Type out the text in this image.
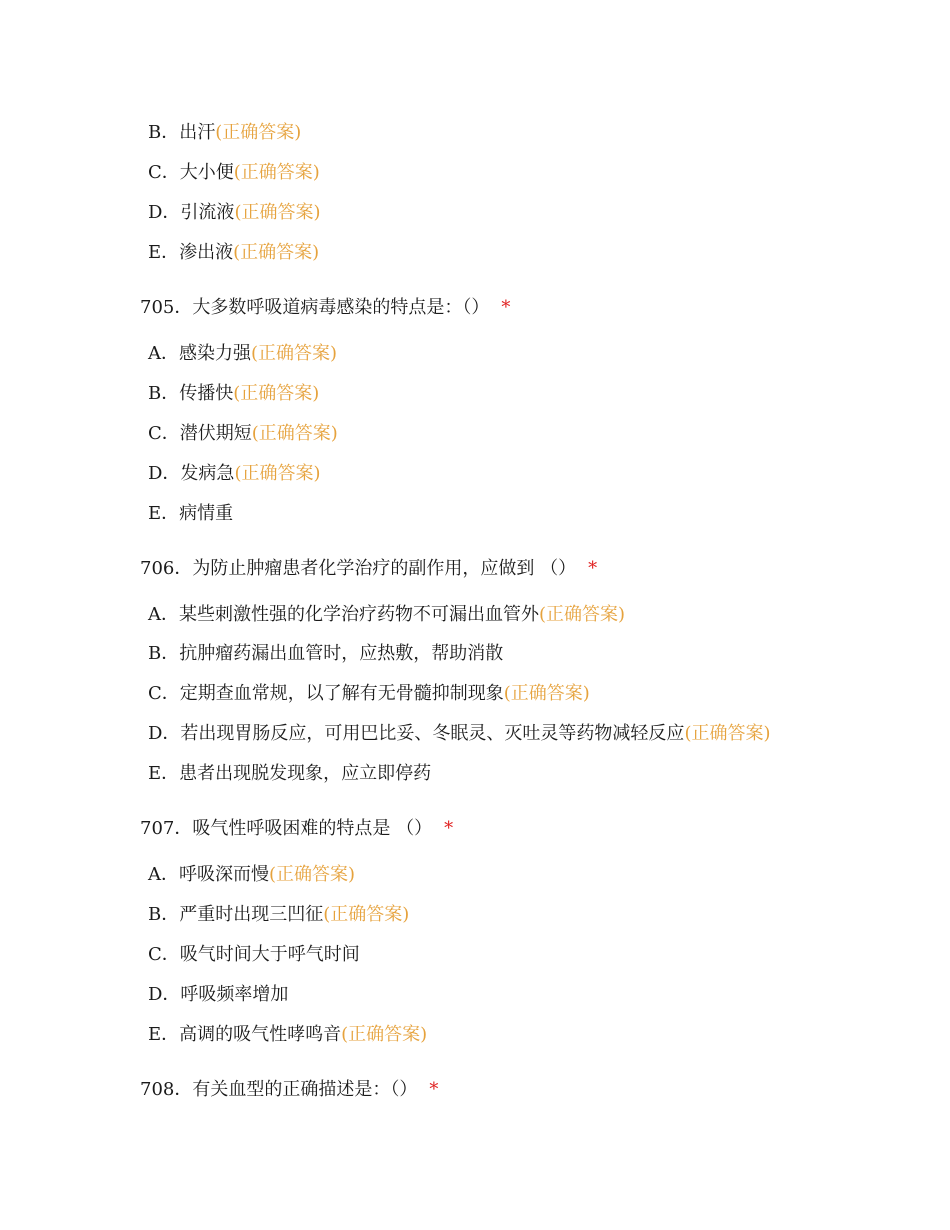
B．出汗(正确答案)
C．大小便(正确答案)
D．引流液(正确答案)
E．渗出液(正确答案)
705．大多数呼吸道病毒感染的特点是：（） *
A．感染力强(正确答案)
B．传播快(正确答案)
C．潜伏期短(正确答案)
D．发病急(正确答案)
E．病情重
706．为防止肿瘤患者化学治疗的副作用，应做到 （） *
A．某些刺激性强的化学治疗药物不可漏出血管外(正确答案)
B．抗肿瘤药漏出血管时，应热敷，帮助消散
C．定期查血常规，以了解有无骨髓抑制现象(正确答案)
D．若出现胃肠反应，可用巴比妥、冬眠灵、灭吐灵等药物减轻反应(正确答案)
E．患者出现脱发现象，应立即停药
707．吸气性呼吸困难的特点是 （） *
A．呼吸深而慢(正确答案)
B．严重时出现三凹征(正确答案)
C．吸气时间大于呼气时间
D．呼吸频率增加
E．高调的吸气性哮鸣音(正确答案)
708．有关血型的正确描述是：（） *
